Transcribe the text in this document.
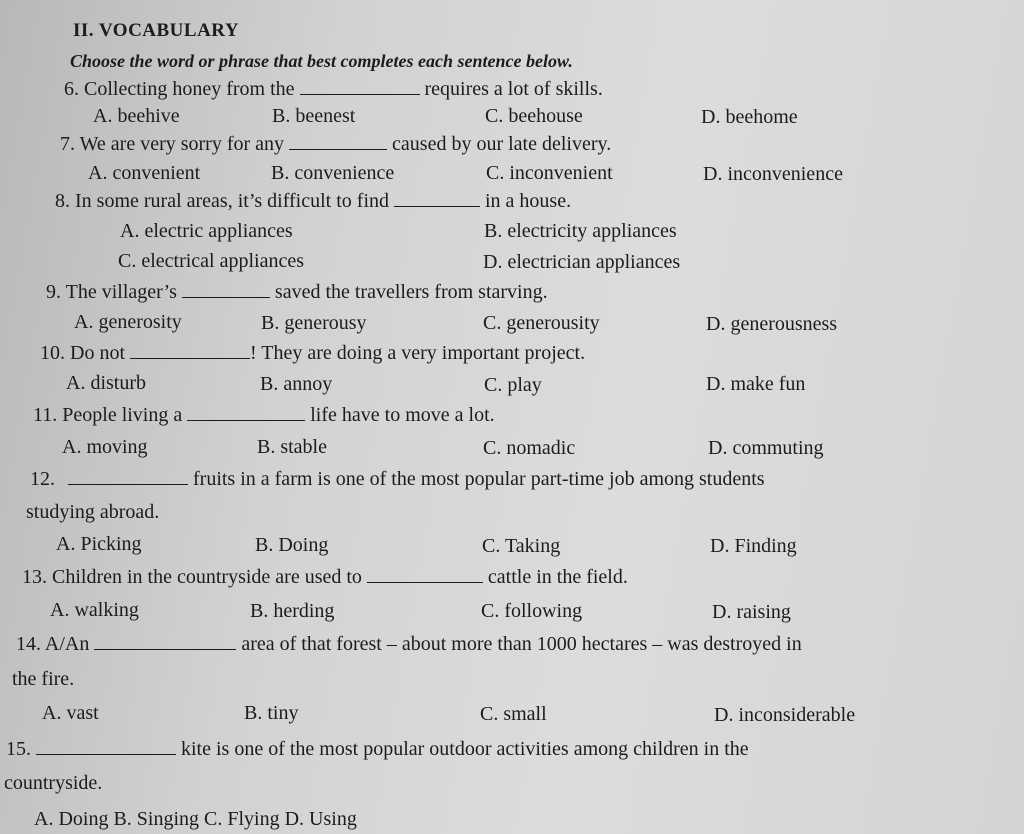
II. VOCABULARY
Choose the word or phrase that best completes each sentence below.
6. Collecting honey from the	requires a lot of skills.
A. beehive	B. beenest	C. beehouse	D. beehome
7. We are very sorry for any	caused by our late delivery.
A. convenient	B. convenience	C. inconvenient	D. inconvenience
8. In some rural areas, it’s difficult to find	in a house.
A. electric appliances	B. electricity appliances
C. electrical appliances	D. electrician appliances
9. The villager’s	saved the travellers from starving.
A. generosity	B. generousy	C. generousity	D. generousness
10. Do not	! They are doing a very important project.
A. disturb	B. annoy	C. play	D. make fun
11. People living a	life have to move a lot.
A. moving	B. stable	C. nomadic	D. commuting
12.	fruits in a farm is one of the most popular part-time job among students
studying abroad.
A. Picking	B. Doing	C. Taking	D. Finding
13. Children in the countryside are used to	cattle in the field.
A. walking	B. herding	C. following	D. raising
14. A/An	area of that forest – about more than 1000 hectares – was destroyed in
the fire.
A. vast	B. tiny	C. small	D. inconsiderable
15.	kite is one of the most popular outdoor activities among children in the
countryside.
A. Doing B. Singing C. Flying D. Using
